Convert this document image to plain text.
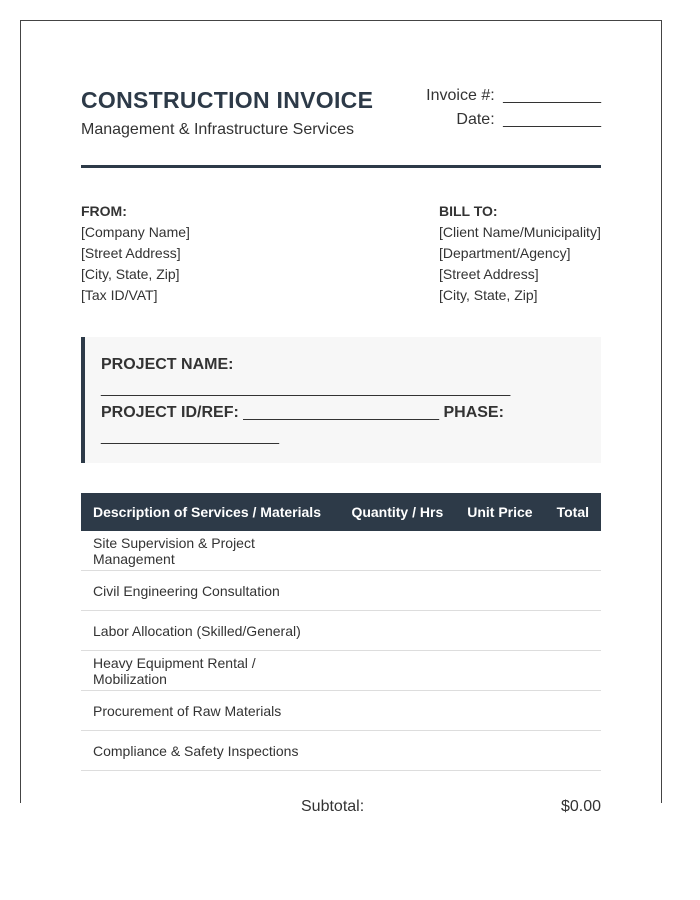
CONSTRUCTION INVOICE
Management & Infrastructure Services
Invoice #: ___________
Date: ___________
FROM:
[Company Name]
[Street Address]
[City, State, Zip]
[Tax ID/VAT]
BILL TO:
[Client Name/Municipality]
[Department/Agency]
[Street Address]
[City, State, Zip]

PROJECT NAME:

______________________________________________

PROJECT ID/REF: ______________________ PHASE:

____________________

Description of Services / Materials	Quantity / Hrs	Unit Price	Total
Site Supervision & Project Management			
Civil Engineering Consultation			
Labor Allocation (Skilled/General)			
Heavy Equipment Rental / Mobilization			
Procurement of Raw Materials			
Compliance & Safety Inspections			
Subtotal:	$0.00
